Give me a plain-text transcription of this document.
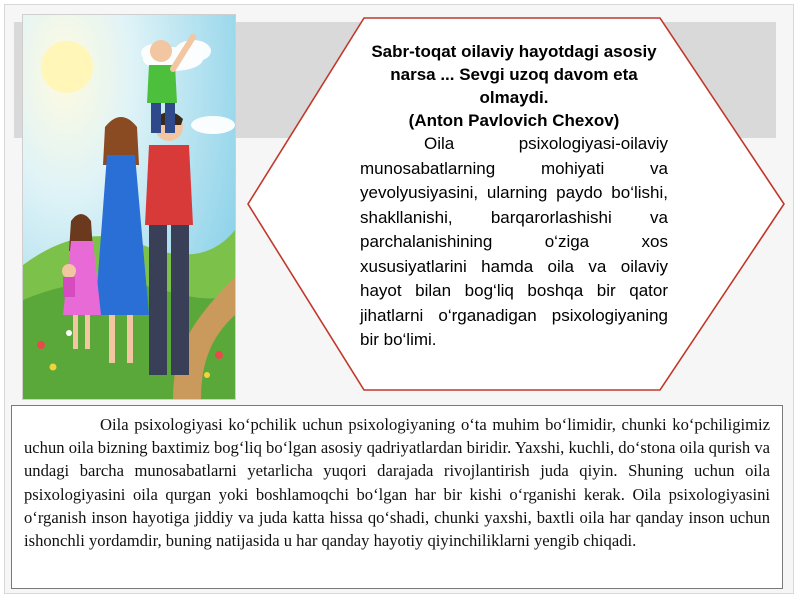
Sabr-toqat oilaviy hayotdagi asosiy narsa ... Sevgi uzoq davom eta olmaydi.
(Anton Pavlovich Chexov)

Oila psixologiyasi-oilaviy munosabatlarning mohiyati va yevolyusiyasini, ularning paydo bo‘lishi, shakllanishi, barqarorlashishi va parchalanishining o‘ziga xos xususiyatlarini hamda oila va oilaviy hayot bilan bog‘liq boshqa bir qator jihatlarni o‘rganadigan psixologiyaning bir bo‘limi.

Oila psixologiyasi ko‘pchilik uchun psixologiyaning o‘ta muhim bo‘limidir, chunki ko‘pchiligimiz uchun oila bizning baxtimiz bog‘liq bo‘lgan asosiy qadriyatlardan biridir. Yaxshi, kuchli, do‘stona oila qurish va undagi barcha munosabatlarni yetarlicha yuqori darajada rivojlantirish juda qiyin. Shuning uchun oila psixologiyasini oila qurgan yoki boshlamoqchi bo‘lgan har bir kishi o‘rganishi kerak. Oila psixologiyasini o‘rganish inson hayotiga jiddiy va juda katta hissa qo‘shadi, chunki yaxshi, baxtli oila har qanday inson uchun ishonchli yordamdir, buning natijasida u har qanday hayotiy qiyinchiliklarni yengib chiqadi.
